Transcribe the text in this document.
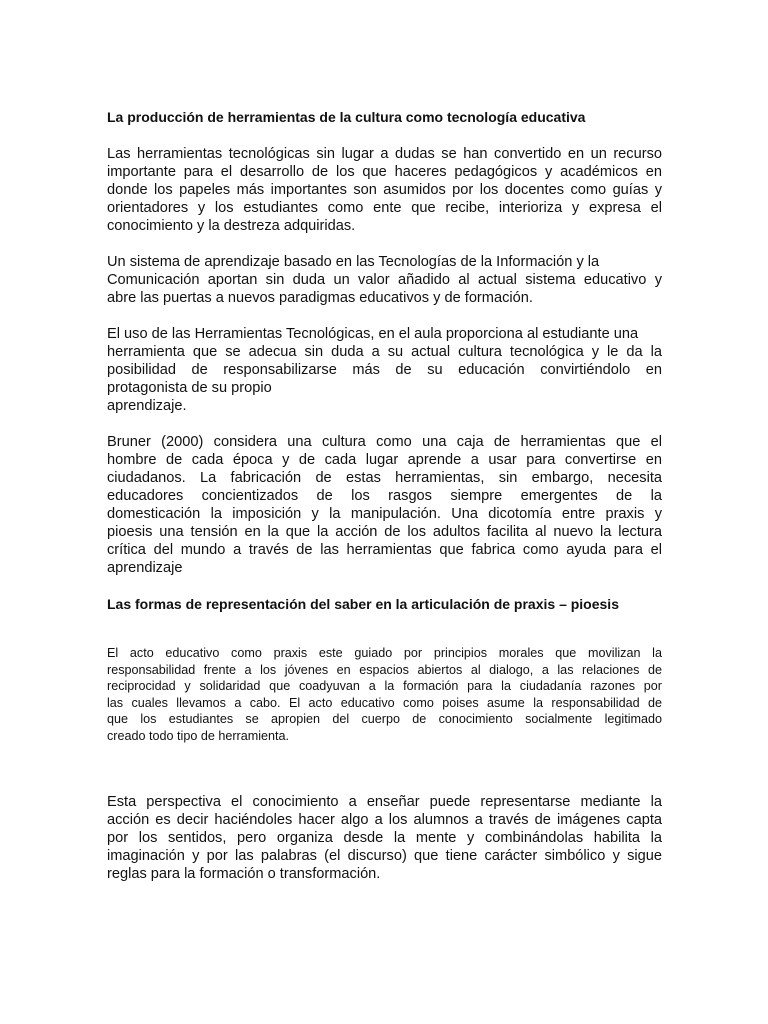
La producción de herramientas de la cultura como tecnología educativa

Las herramientas tecnológicas sin lugar a dudas se han convertido en un recurso
importante para el desarrollo de los que haceres pedagógicos y académicos en
donde los papeles más importantes son asumidos por los docentes como guías y
orientadores y los estudiantes como ente que recibe, interioriza y expresa el
conocimiento y la destreza adquiridas.

Un sistema de aprendizaje basado en las Tecnologías de la Información y la
Comunicación aportan sin duda un valor añadido al actual sistema educativo y
abre las puertas a nuevos paradigmas educativos y de formación.

El uso de las Herramientas Tecnológicas, en el aula proporciona al estudiante una
herramienta que se adecua sin duda a su actual cultura tecnológica y le da la
posibilidad de responsabilizarse más de su educación convirtiéndolo en
protagonista de su propio
aprendizaje.

Bruner (2000) considera una cultura como una caja de herramientas que el
hombre de cada época y de cada lugar aprende a usar para convertirse en
ciudadanos. La fabricación de estas herramientas, sin embargo, necesita
educadores concientizados de los rasgos siempre emergentes de la
domesticación la imposición y la manipulación. Una dicotomía entre praxis y
pioesis una tensión en la que la acción de los adultos facilita al nuevo la lectura
crítica del mundo a través de las herramientas que fabrica como ayuda para el
aprendizaje

Las formas de representación del saber en la articulación de praxis – pioesis

El acto educativo como praxis este guiado por principios morales que movilizan la
responsabilidad frente a los jóvenes en espacios abiertos al dialogo, a las relaciones de
reciprocidad y solidaridad que coadyuvan a la formación para la ciudadanía razones por
las cuales llevamos a cabo. El acto educativo como poises asume la responsabilidad de
que los estudiantes se apropien del cuerpo de conocimiento socialmente legitimado
creado todo tipo de herramienta.

Esta perspectiva el conocimiento a enseñar puede representarse mediante la
acción es decir haciéndoles hacer algo a los alumnos a través de imágenes capta
por los sentidos, pero organiza desde la mente y combinándolas habilita la
imaginación y por las palabras (el discurso) que tiene carácter simbólico y sigue
reglas para la formación o transformación.
